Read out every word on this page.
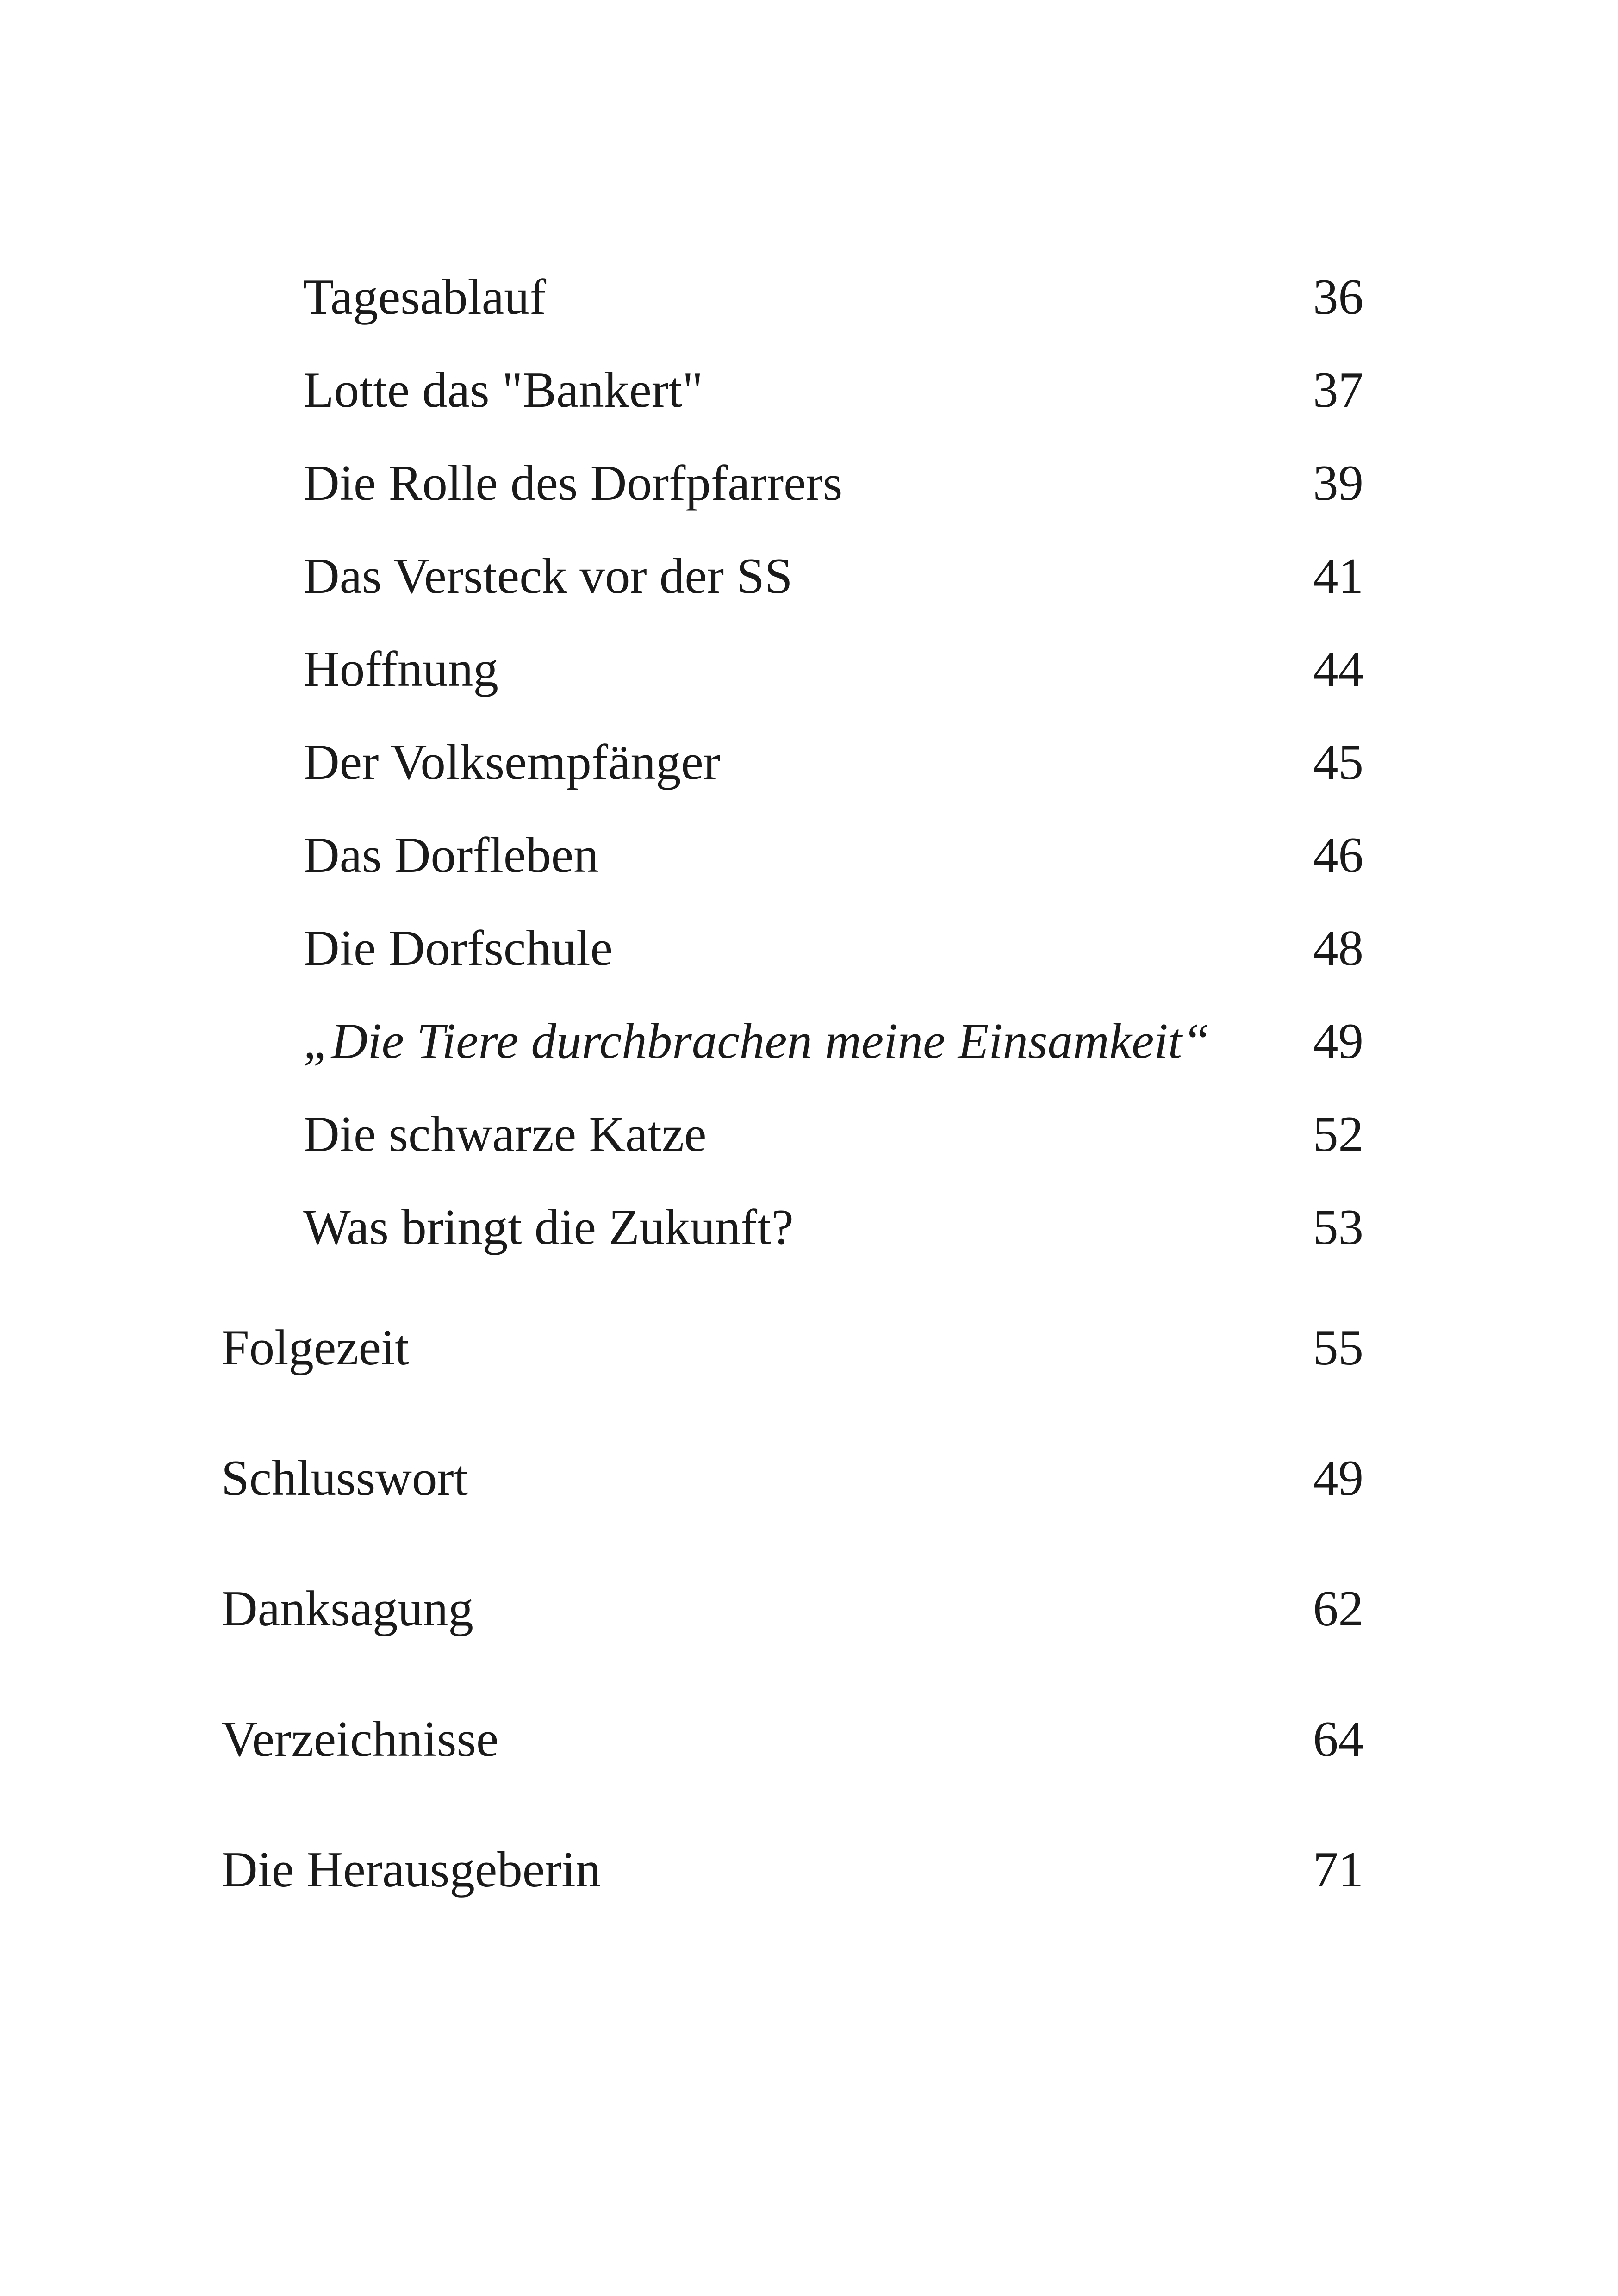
Tagesablauf	36
Lotte das "Bankert"	37
Die Rolle des Dorfpfarrers	39
Das Versteck vor der SS	41
Hoffnung	44
Der Volksempfänger	45
Das Dorfleben	46
Die Dorfschule	48
„Die Tiere durchbrachen meine Einsamkeit“ 49
Die schwarze Katze	52
Was bringt die Zukunft?	53
Folgezeit	55
Schlusswort	49
Danksagung	62
Verzeichnisse	64
Die Herausgeberin	71
